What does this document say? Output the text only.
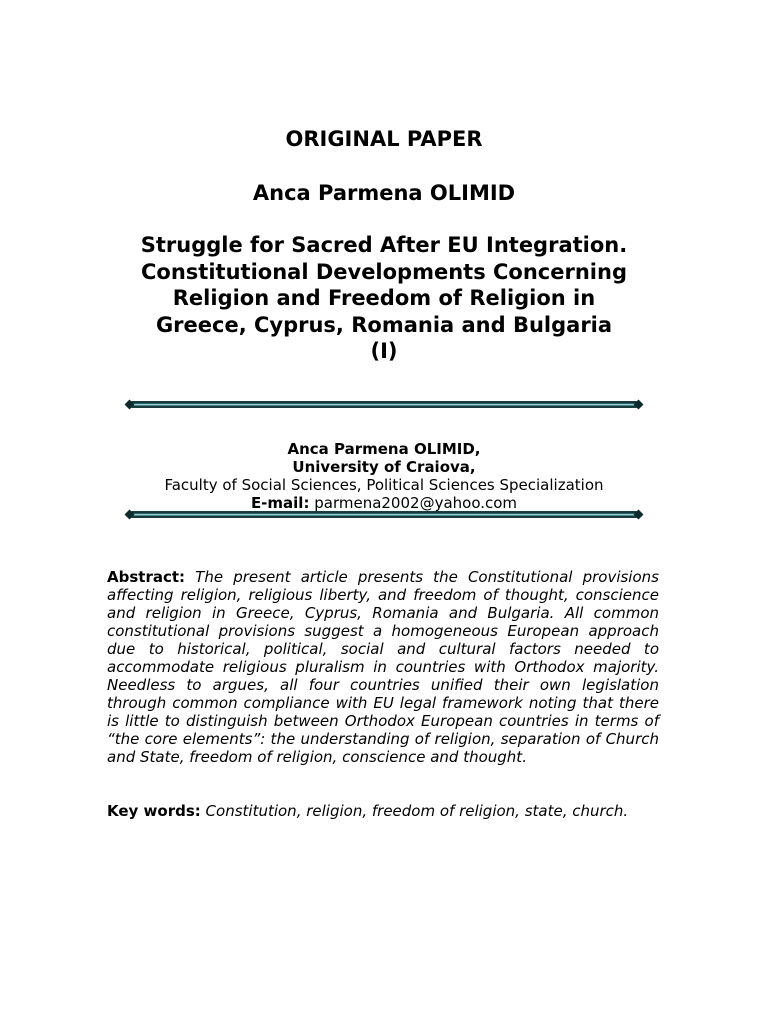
ORIGINAL PAPER
Anca Parmena OLIMID
Struggle for Sacred After EU Integration.
Constitutional Developments Concerning
Religion and Freedom of Religion in
Greece, Cyprus, Romania and Bulgaria
(I)
Anca Parmena OLIMID,
University of Craiova,
Faculty of Social Sciences, Political Sciences Specialization
E-mail: parmena2002@yahoo.com
Abstract: The present article presents the Constitutional provisions affecting religion, religious liberty, and freedom of thought, conscience and religion in Greece, Cyprus, Romania and Bulgaria. All common constitutional provisions suggest a homogeneous European approach due to historical, political, social and cultural factors needed to accommodate religious pluralism in countries with Orthodox majority. Needless to argues, all four countries unified their own legislation through common compliance with EU legal framework noting that there is little to distinguish between Orthodox European countries in terms of “the core elements”: the understanding of religion, separation of Church and State, freedom of religion, conscience and thought.
Key words: Constitution, religion, freedom of religion, state, church.
